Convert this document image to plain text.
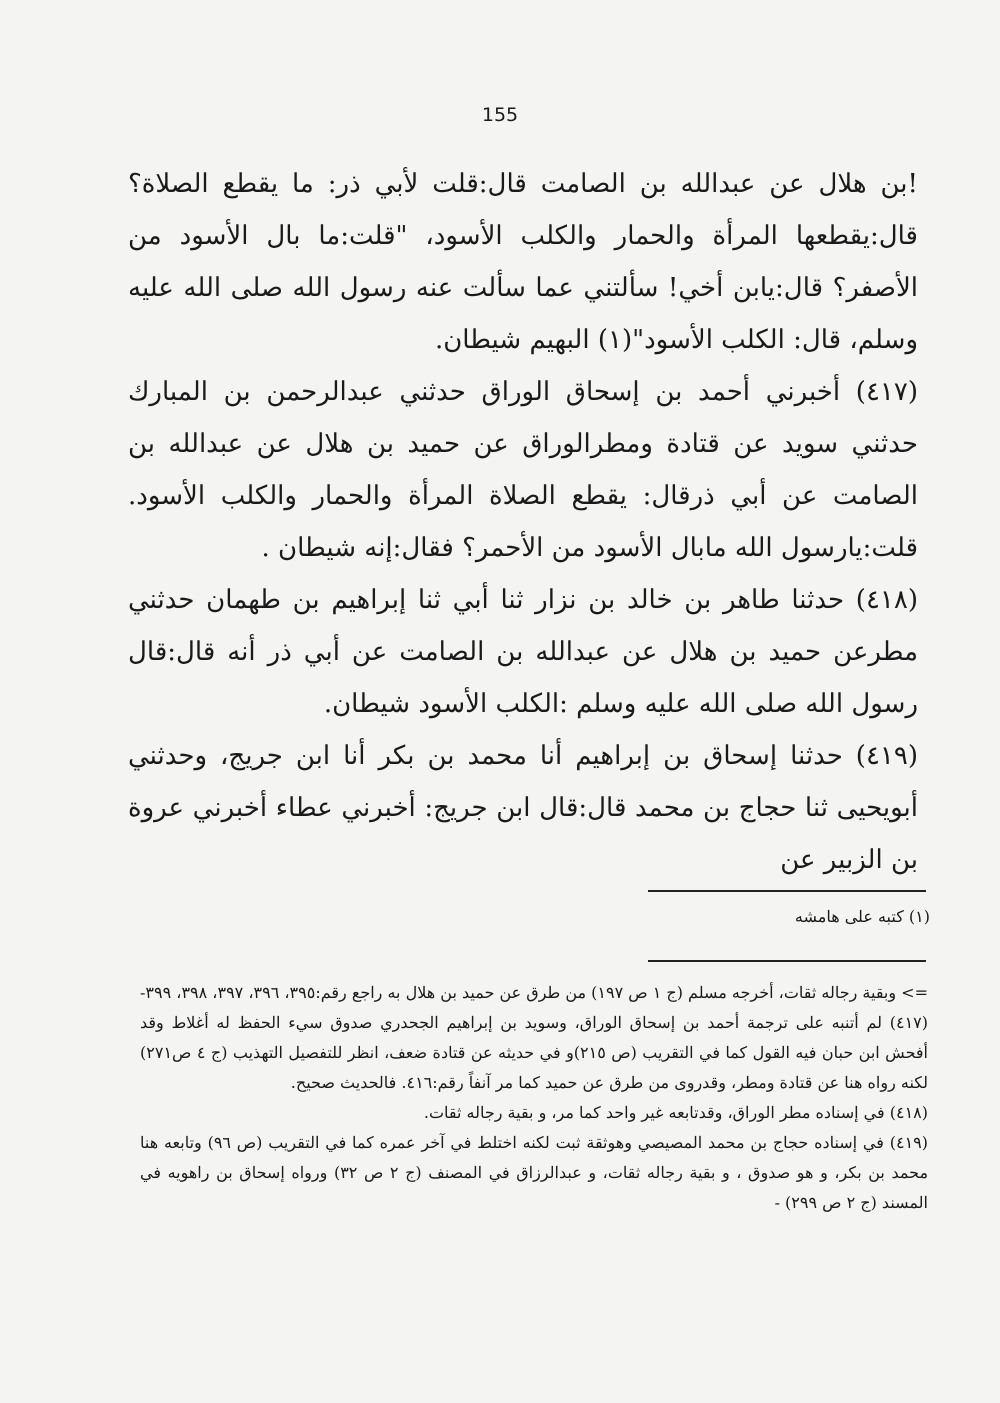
155

!بن هلال عن عبدالله بن الصامت قال:قلت لأبي ذر: ما يقطع الصلاة؟ قال:يقطعها المرأة والحمار والكلب الأسود، "قلت:ما بال الأسود من الأصفر؟ قال:يابن أخي! سألتني عما سألت عنه رسول الله صلى الله عليه وسلم، قال: الكلب الأسود"(١) البهيم شيطان.

(٤١٧) أخبرني أحمد بن إسحاق الوراق حدثني عبدالرحمن بن المبارك حدثني سويد عن قتادة ومطرالوراق عن حميد بن هلال عن عبدالله بن الصامت عن أبي ذرقال: يقطع الصلاة المرأة والحمار والكلب الأسود. قلت:يارسول الله مابال الأسود من الأحمر؟ فقال:إنه شيطان .

(٤١٨) حدثنا طاهر بن خالد بن نزار ثنا أبي ثنا إبراهيم بن طهمان حدثني مطرعن حميد بن هلال عن عبدالله بن الصامت عن أبي ذر أنه قال:قال رسول الله صلى الله عليه وسلم :الكلب الأسود شيطان.

(٤١٩) حدثنا إسحاق بن إبراهيم أنا محمد بن بكر أنا ابن جريج، وحدثني أبويحيى ثنا حجاج بن محمد قال:قال ابن جريج: أخبرني عطاء أخبرني عروة بن الزبير عن

(١) كتبه على هامشه

=> وبقية رجاله ثقات، أخرجه مسلم (ج ١ ص ١٩٧) من طرق عن حميد بن هلال به راجع رقم:٣٩٥، ٣٩٦، ٣٩٧، ٣٩٨، ٣٩٩-

(٤١٧) لم أتنبه على ترجمة أحمد بن إسحاق الوراق، وسويد بن إبراهيم الجحدري صدوق سيء الحفظ له أغلاط وقد أفحش ابن حبان فيه القول كما في التقريب (ص ٢١٥)و في حديثه عن قتادة ضعف، انظر للتفصيل التهذيب (ج ٤ ص٢٧١) لكنه رواه هنا عن قتادة ومطر، وقدروى من طرق عن حميد كما مر آنفاً رقم:٤١٦. فالحديث صحيح.

(٤١٨) في إسناده مطر الوراق، وقدتابعه غير واحد كما مر، و بقية رجاله ثقات.

(٤١٩) في إسناده حجاج بن محمد المصيصي وهوثقة ثبت لكنه اختلط في آخر عمره كما في التقريب (ص ٩٦) وتابعه هنا محمد بن بكر، و هو صدوق ، و بقية رجاله ثقات، و عبدالرزاق في المصنف (ج ٢ ص ٣٢) ورواه إسحاق بن راهويه في المسند (ج ٢ ص ٢٩٩) -
